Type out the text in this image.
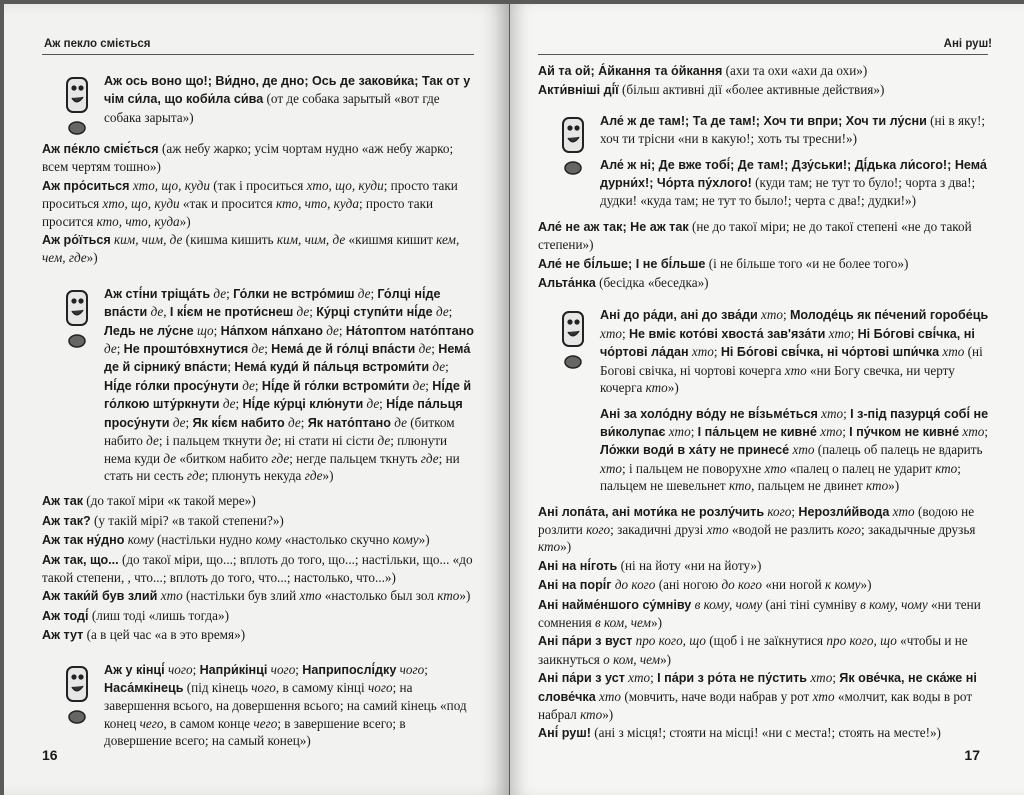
Аж пекло сміється

Аж ось воно що!; Ви́дно, де дно; Ось де закови́ка; Так от у чім си́ла, що коби́ла си́ва (от де собака зарытый «вот где собака зарыта»)

Аж пе́кло сміє́ться (аж небу жарко; усім чортам нудно «аж небу жарко; всем чертям тошно»)

Аж про́ситься хто, що, куди (так і проситься хто, що, куди; просто таки проситься хто, що, куди «так и просится кто, что, куда; просто таки просится кто, что, куда»)

Аж ро́їться ким, чим, де (кишма кишить ким, чим, де «кишмя кишит кем, чем, где»)

Аж сті́ни тріща́ть де; Го́лки не встро́миш де; Го́лці ні́де впа́сти де, І кі́єм не проти́снеш де; Ку́рці ступи́ти ні́де де; Ледь не лу́сне що; На́пхом на́пхано де; На́топтом нато́птано де; Не прошто́вхнутися де; Нема́ де й го́лці впа́сти де; Нема́ де й сірнику́ впа́сти; Нема́ куди́ й па́льця встроми́ти де; Ні́де го́лки просу́нути де; Ні́де й го́лки встроми́ти де; Ні́де й го́лкою шту́ркнути де; Ні́де ку́рці клю́нути де; Ні́де па́льця просу́нути де; Як кі́єм набито де; Як нато́птано де (битком набито де; і пальцем ткнути де; ні стати ні сісти де; плюнути нема куди де «битком набито где; негде пальцем ткнуть где; ни стать ни сесть где; плюнуть некуда где»)

Аж так (до такої міри «к такой мере»)

Аж так? (у такій мірі? «в такой степени?»)

Аж так ну́дно кому (настільки нудно кому «настолько скучно кому»)

Аж так, що... (до такої міри, що...; вплоть до того, що...; настільки, що... «до такой степени, , что...; вплоть до того, что...; настолько, что...»)

Аж таки́й був злий хто (настільки був злий хто «настолько был зол кто»)

Аж тоді́ (лиш тоді «лишь тогда»)

Аж тут (а в цей час «а в это время»)

Аж у кінці́ чого; Напри́кінці чого; Наприпослі́дку чого; Наса́мкінець (під кінець чого, в самому кінці чого; на завершення всього, на довершення всього; на самий кінець «под конец чего, в самом конце чего; в завершение всего; в довершение всего; на самый конец»)

16
Ані руш!

Ай та ой; А́йкання та о́йкання (ахи та охи «ахи да охи»)

Акти́вніші ді́ї (більш активні дії «более активные действия»)

Але́ ж де там!; Та де там!; Хоч ти впри; Хоч ти лу́сни (ні в яку!; хоч ти трісни «ни в какую!; хоть ты тресни!»)

Але́ ж ні; Де вже тобі́; Де там!; Дзу́ськи!; Ді́дька ли́сого!; Нема́ дурни́х!; Чо́рта пу́хлого! (куди там; не тут то було!; чорта з два!; дудки! «куда там; не тут то было!; черта с два!; дудки!»)

Але́ не аж так; Не аж так (не до такої міри; не до такої степені «не до такой степени»)

Але́ не бі́льше; І не бі́льше (і не більше того «и не более того»)

Альта́нка (бесідка «беседка»)

Ані до ра́ди, ані до зва́ди хто; Молоде́ць як пе́чений горобе́ць хто; Не вміє кото́ві хвоста́ зав'яза́ти хто; Ні Бо́гові сві́чка, ні чо́ртові ла́дан хто; Ні Бо́гові сві́чка, ні чо́ртові шпи́чка хто (ні Богові свічка, ні чортові кочерга хто «ни Богу свечка, ни черту кочерга кто»)

Ані за холо́дну во́ду не ві́зьме́ться хто; І з-під пазурця́ собі́ не ви́колупає хто; І па́льцем не кивне́ хто; І пу́чком не кивне́ хто; Ло́жки води́ в ха́ту не принесе́ хто (палець об палець не вдарить хто; і пальцем не поворухне хто «палец о палец не ударит кто; пальцем не шевельнет кто, пальцем не двинет кто»)

Ані лопа́та, ані моти́ка не розлу́чить кого; Нерозли́йвода хто (водою не розлити кого; закадичні друзі хто «водой не разлить кого; закадычные друзья кто»)

Ані на ні́готь (ні на йоту «ни на йоту»)

Ані на порі́г до кого (ані ногою до кого «ни ногой к кому»)

Ані найме́ншого су́мніву в кому, чому (ані тіні сумніву в кому, чому «ни тени сомнения в ком, чем»)

Ані па́ри з вуст про кого, що (щоб і не заїкнутися про кого, що «чтобы и не заикнуться о ком, чем»)

Ані па́ри з уст хто; І па́ри з ро́та не пу́стить хто; Як ове́чка, не ска́же ні слове́чка хто (мовчить, наче води набрав у рот хто «молчит, как воды в рот набрал кто»)

Ані́ руш! (ані з місця!; стояти на місці! «ни с места!; стоять на месте!»)

17
